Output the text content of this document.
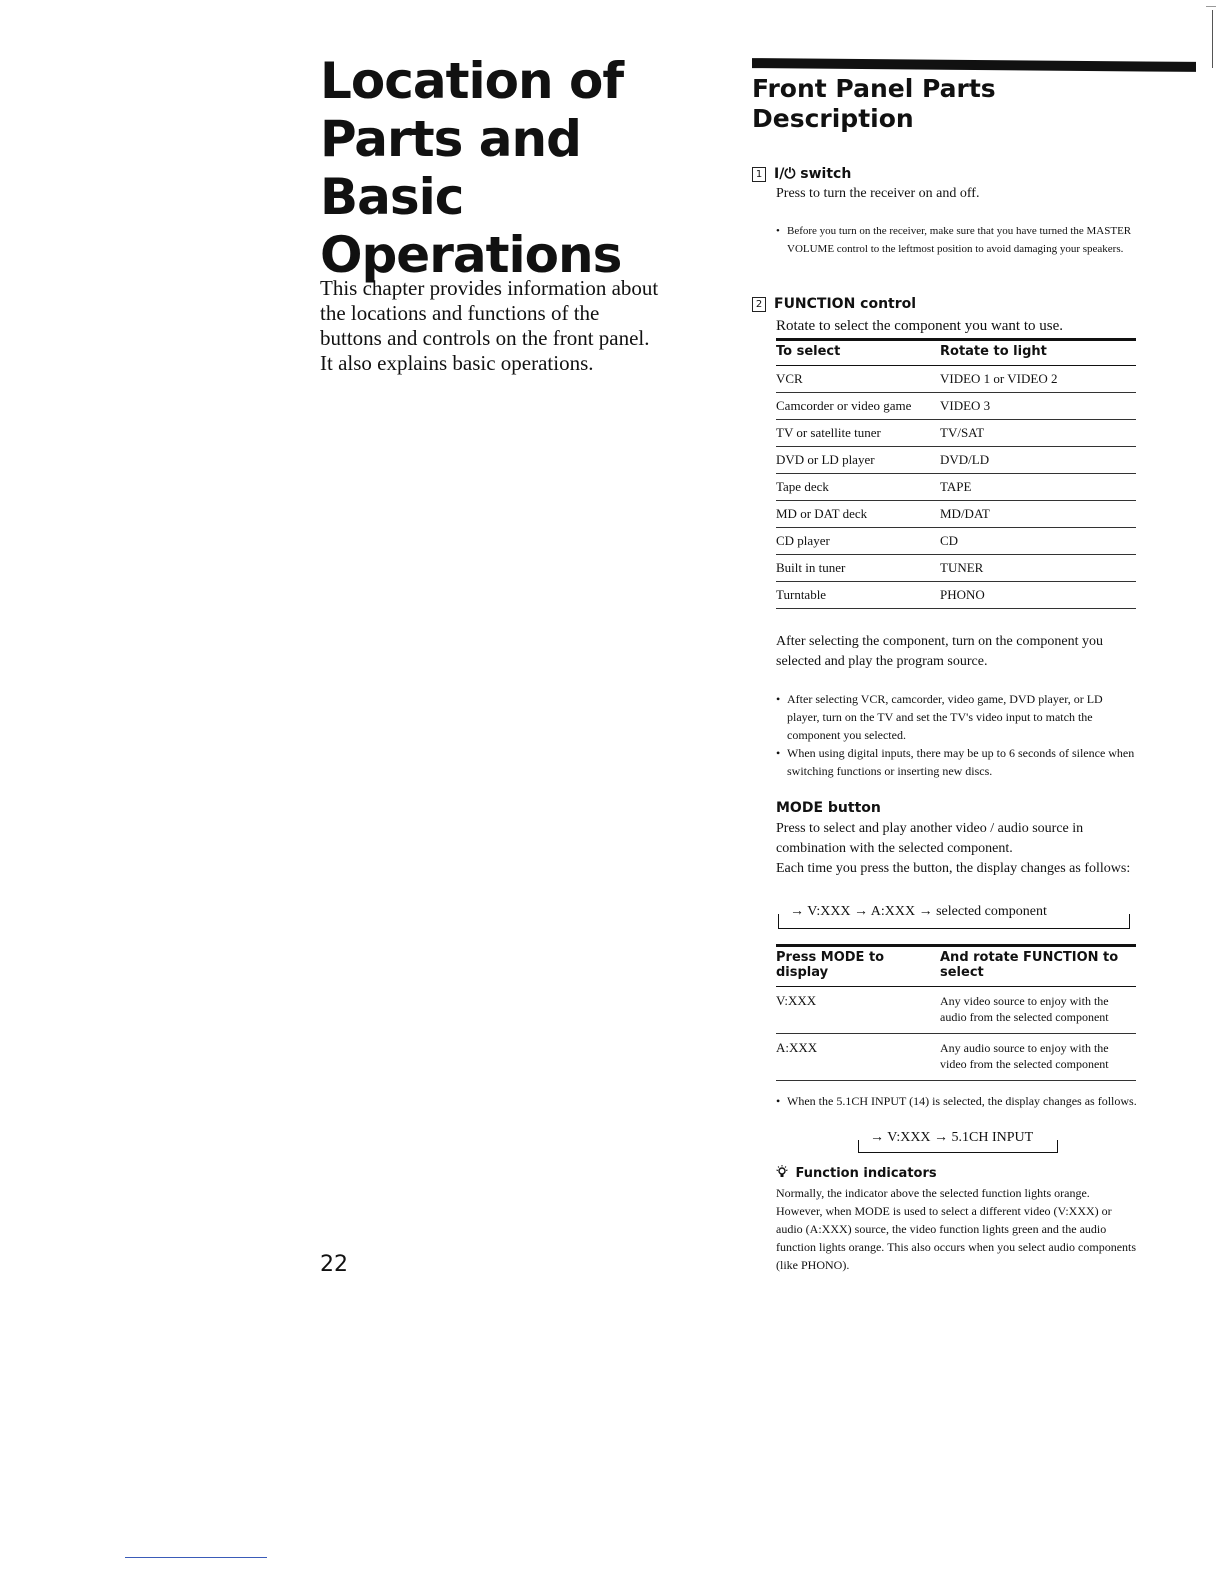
Location of Parts and Basic Operations

This chapter provides information about the locations and functions of the buttons and controls on the front panel. It also explains basic operations.

22
Front Panel Parts
Description
1 I/⏻ switch

Press to turn the receiver on and off.

• Before you turn on the receiver, make sure that you have turned the MASTER VOLUME control to the leftmost position to avoid damaging your speakers.
2 FUNCTION control

Rotate to select the component you want to use.

To select	Rotate to light
VCR	VIDEO 1 or VIDEO 2
Camcorder or video game	VIDEO 3
TV or satellite tuner	TV/SAT
DVD or LD player	DVD/LD
Tape deck	TAPE
MD or DAT deck	MD/DAT
CD player	CD
Built in tuner	TUNER
Turntable	PHONO

After selecting the component, turn on the component you selected and play the program source.

• After selecting VCR, camcorder, video game, DVD player, or LD player, turn on the TV and set the TV's video input to match the component you selected.
• When using digital inputs, there may be up to 6 seconds of silence when switching functions or inserting new discs.
MODE button

Press to select and play another video / audio source in combination with the selected component.

Each time you press the button, the display changes as follows:

→ V:XXX → A:XXX → selected component
Press MODE to display	And rotate FUNCTION to select
V:XXX	Any video source to enjoy with the audio from the selected component
A:XXX	Any audio source to enjoy with the video from the selected component
• When the 5.1CH INPUT (14) is selected, the display changes as follows.
→ V:XXX → 5.1CH INPUT
Function indicators

Normally, the indicator above the selected function lights orange. However, when MODE is used to select a different video (V:XXX) or audio (A:XXX) source, the video function lights green and the audio function lights orange. This also occurs when you select audio components (like PHONO).
